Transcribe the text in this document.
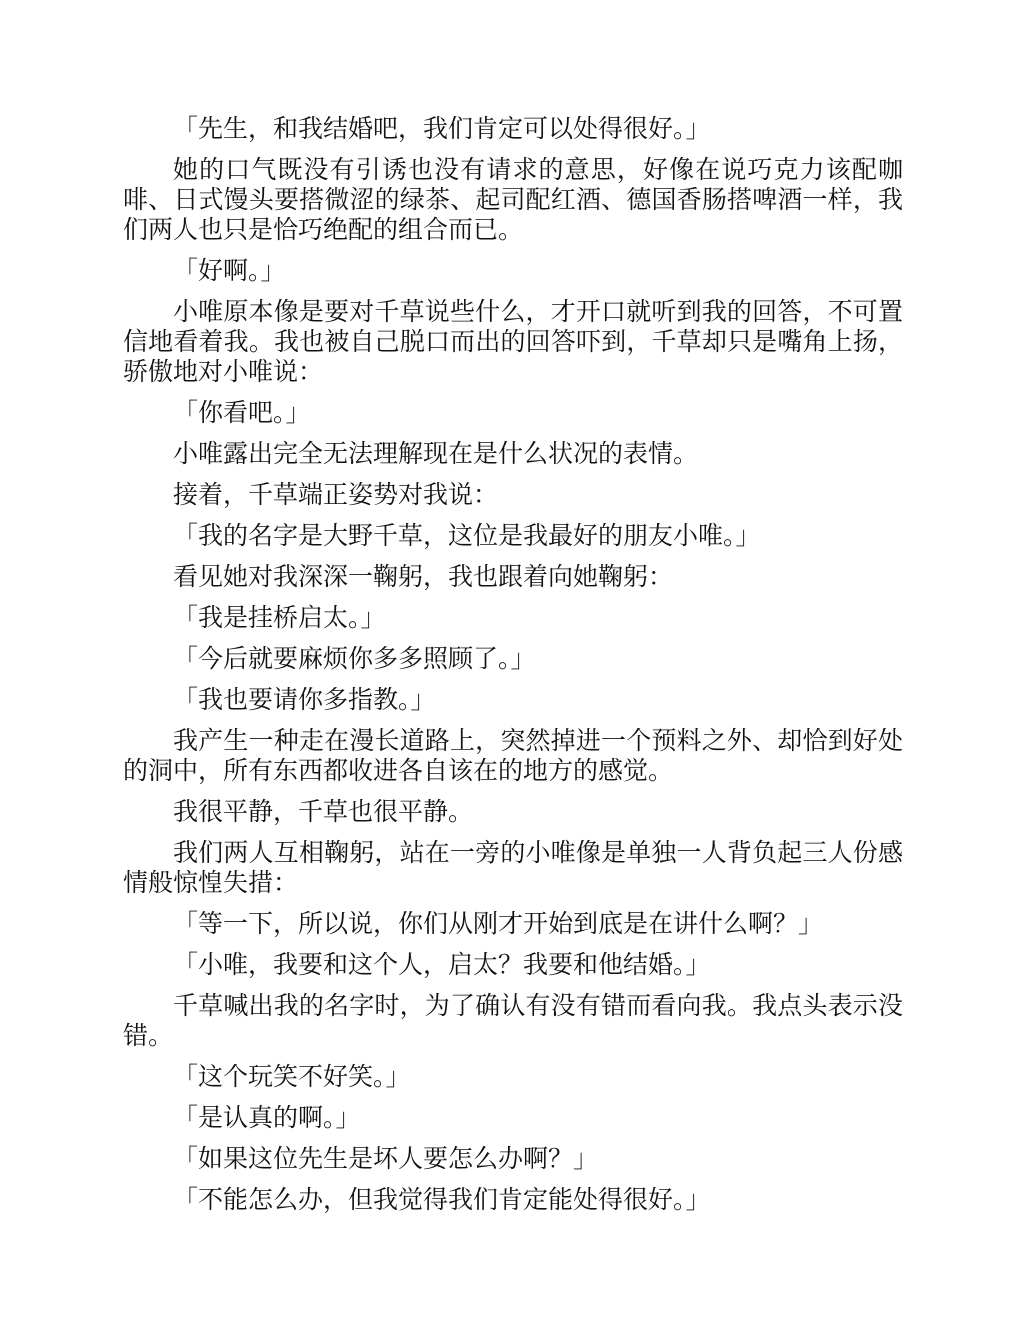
「先生，和我结婚吧，我们肯定可以处得很好。」

她的口气既没有引诱也没有请求的意思，好像在说巧克力该配咖啡、日式馒头要搭微涩的绿茶、起司配红酒、德国香肠搭啤酒一样，我们两人也只是恰巧绝配的组合而已。

「好啊。」

小唯原本像是要对千草说些什么，才开口就听到我的回答，不可置信地看着我。我也被自己脱口而出的回答吓到，千草却只是嘴角上扬，骄傲地对小唯说：

「你看吧。」

小唯露出完全无法理解现在是什么状况的表情。

接着，千草端正姿势对我说：

「我的名字是大野千草，这位是我最好的朋友小唯。」

看见她对我深深一鞠躬，我也跟着向她鞠躬：

「我是挂桥启太。」

「今后就要麻烦你多多照顾了。」

「我也要请你多指教。」

我产生一种走在漫长道路上，突然掉进一个预料之外、却恰到好处的洞中，所有东西都收进各自该在的地方的感觉。

我很平静，千草也很平静。

我们两人互相鞠躬，站在一旁的小唯像是单独一人背负起三人份感情般惊惶失措：

「等一下，所以说，你们从刚才开始到底是在讲什么啊？」

「小唯，我要和这个人，启太？我要和他结婚。」

千草喊出我的名字时，为了确认有没有错而看向我。我点头表示没错。

「这个玩笑不好笑。」

「是认真的啊。」

「如果这位先生是坏人要怎么办啊？」

「不能怎么办，但我觉得我们肯定能处得很好。」
